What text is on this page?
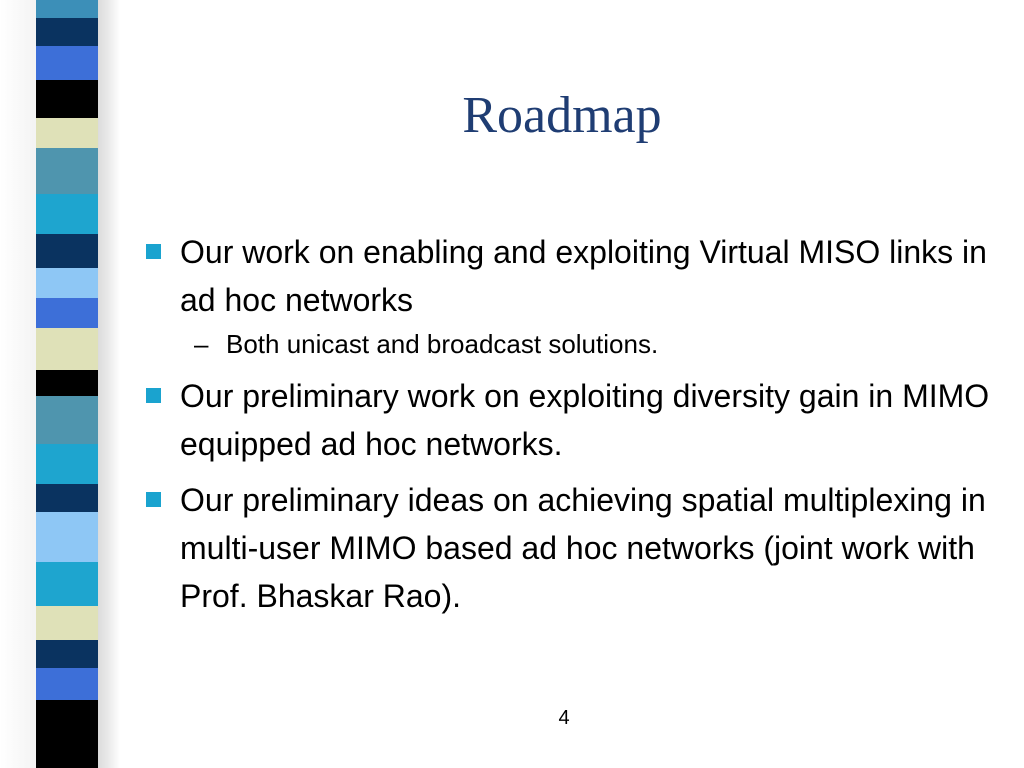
Roadmap
Our work on enabling and exploiting Virtual MISO links in ad hoc networks
– Both unicast and broadcast solutions.
Our preliminary work on exploiting diversity gain in MIMO equipped ad hoc networks.
Our preliminary ideas on achieving spatial multiplexing in multi-user MIMO based ad hoc networks (joint work with Prof. Bhaskar Rao).
4
